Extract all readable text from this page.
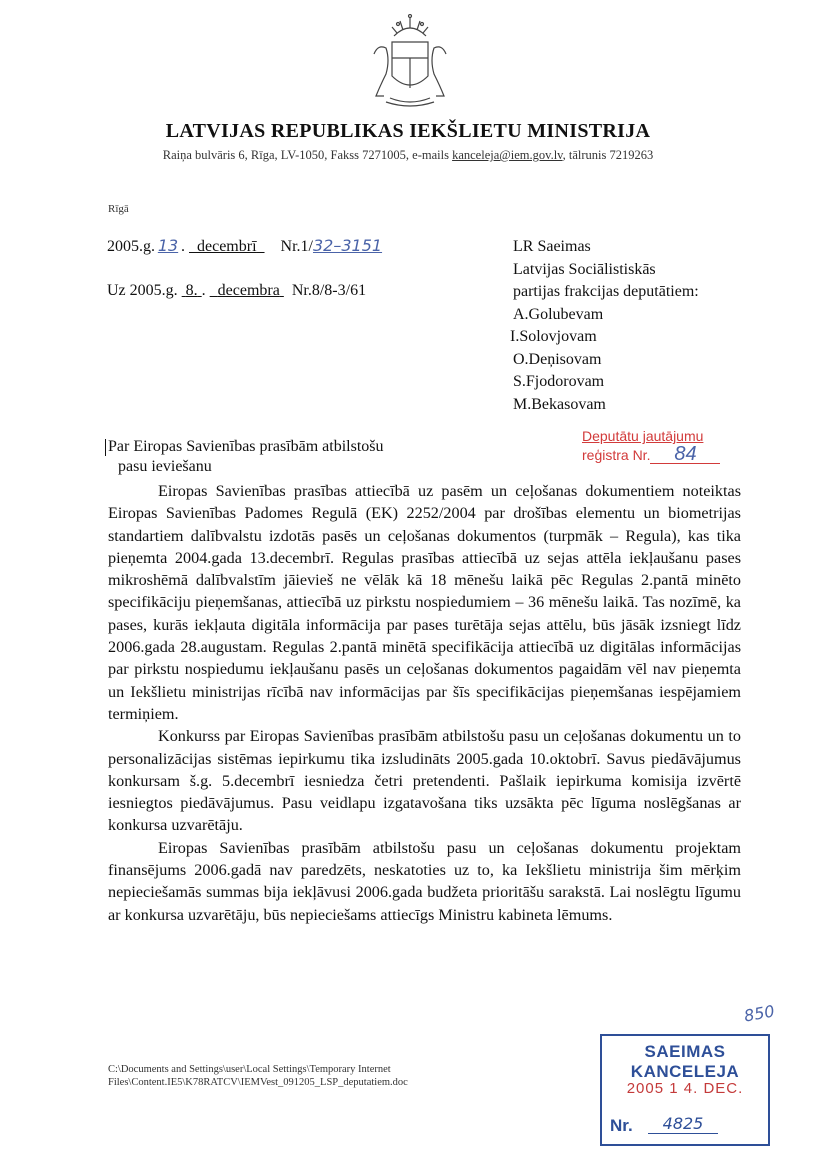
LATVIJAS REPUBLIKAS IEKŠLIETU MINISTRIJA
Raiņa bulvāris 6, Rīga, LV-1050, Fakss 7271005, e-mails kanceleja@iem.gov.lv, tālrunis 7219263
Rīgā
2005.g. 13 .   decembrī Nr.1/32–3151
Uz 2005.g. 8. .   decembra Nr.8/8-3/61
LR Saeimas
Latvijas Sociālistiskās
partijas frakcijas deputātiem:
A.Golubevam
I.Solovjovam
O.Deņisovam
S.Fjodorovam
M.Bekasovam
Par Eiropas Savienības prasībām atbilstošu
pasu ieviešanu
Deputātu jautājumu
reģistra Nr. 84

Eiropas Savienības prasības attiecībā uz pasēm un ceļošanas dokumentiem noteiktas Eiropas Savienības Padomes Regulā (EK) 2252/2004 par drošības elementu un biometrijas standartiem dalībvalstu izdotās pasēs un ceļošanas dokumentos (turpmāk – Regula), kas tika pieņemta 2004.gada 13.decembrī. Regulas prasības attiecībā uz sejas attēla iekļaušanu pases mikroshēmā dalībvalstīm jāievieš ne vēlāk kā 18 mēnešu laikā pēc Regulas 2.pantā minēto specifikāciju pieņemšanas, attiecībā uz pirkstu nospiedumiem – 36 mēnešu laikā. Tas nozīmē, ka pases, kurās iekļauta digitāla informācija par pases turētāja sejas attēlu, būs jāsāk izsniegt līdz 2006.gada 28.augustam. Regulas 2.pantā minētā specifikācija attiecībā uz digitālas informācijas par pirkstu nospiedumu iekļaušanu pasēs un ceļošanas dokumentos pagaidām vēl nav pieņemta un Iekšlietu ministrijas rīcībā nav informācijas par šīs specifikācijas pieņemšanas iespējamiem termiņiem.

Konkurss par Eiropas Savienības prasībām atbilstošu pasu un ceļošanas dokumentu un to personalizācijas sistēmas iepirkumu tika izsludināts 2005.gada 10.oktobrī. Savus piedāvājumus konkursam š.g. 5.decembrī iesniedza četri pretendenti. Pašlaik iepirkuma komisija izvērtē iesniegtos piedāvājumus. Pasu veidlapu izgatavošana tiks uzsākta pēc līguma noslēgšanas ar konkursa uzvarētāju.

Eiropas Savienības prasībām atbilstošu pasu un ceļošanas dokumentu projektam finansējums 2006.gadā nav paredzēts, neskatoties uz to, ka Iekšlietu ministrija šim mērķim nepieciešamās summas bija iekļāvusi 2006.gada budžeta prioritāšu sarakstā. Lai noslēgtu līgumu ar konkursa uzvarētāju, būs nepieciešams attiecīgs Ministru kabineta lēmums.

C:\Documents and Settings\user\Local Settings\Temporary Internet
Files\Content.IE5\K78RATCV\IEMVest_091205_LSP_deputatiem.doc
850
SAEIMAS KANCELEJA
2005 1 4. DEC.
Nr.	4825
